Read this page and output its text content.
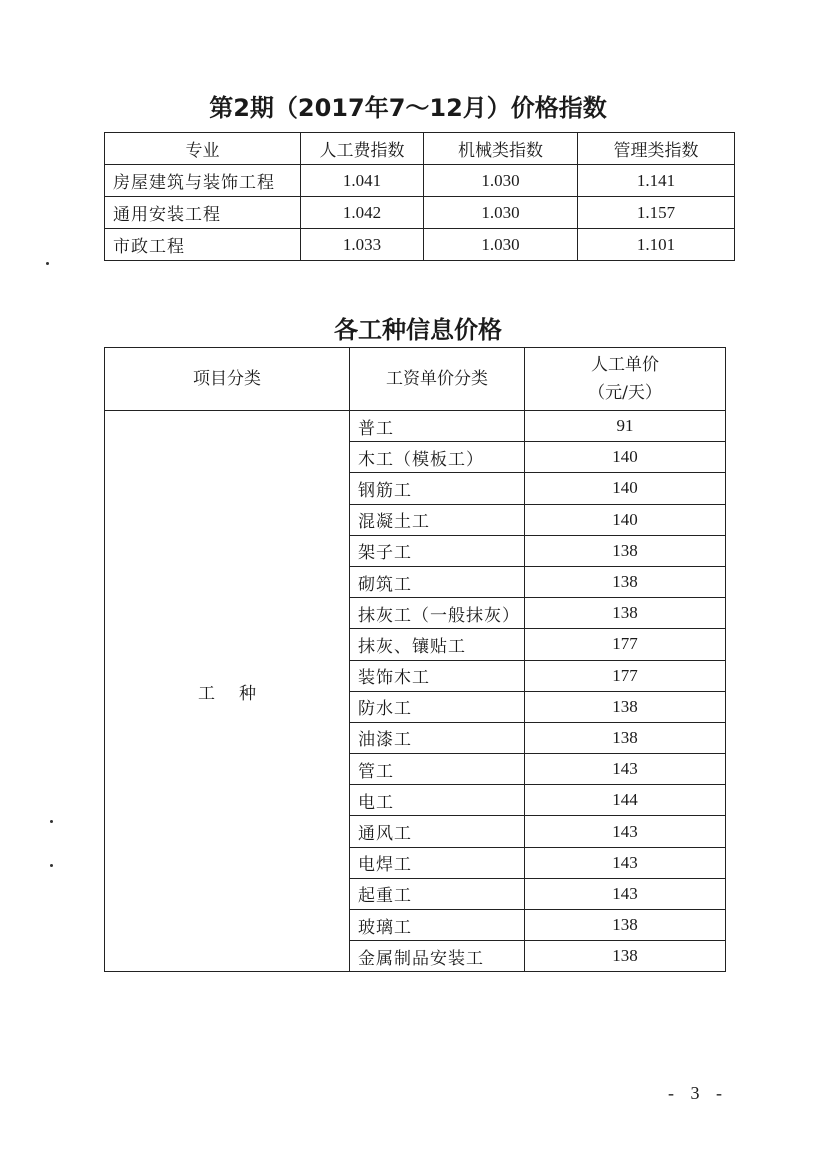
第2期（2017年7～12月）价格指数
专业	人工费指数	机械类指数	管理类指数
房屋建筑与装饰工程	1.041	1.030	1.141
通用安装工程	1.042	1.030	1.157
市政工程	1.033	1.030	1.101
各工种信息价格
项目分类	工资单价分类	人工单价
（元/天）

工种	普工	91
	木工（模板工）	140
	钢筋工	140
	混凝土工	140
	架子工	138
	砌筑工	138
	抹灰工（一般抹灰）	138
	抹灰、镶贴工	177
	装饰木工	177
	防水工	138
	油漆工	138
	管工	143
	电工	144
	通风工	143
	电焊工	143
	起重工	143
	玻璃工	138
	金属制品安装工	138
- 3 -
